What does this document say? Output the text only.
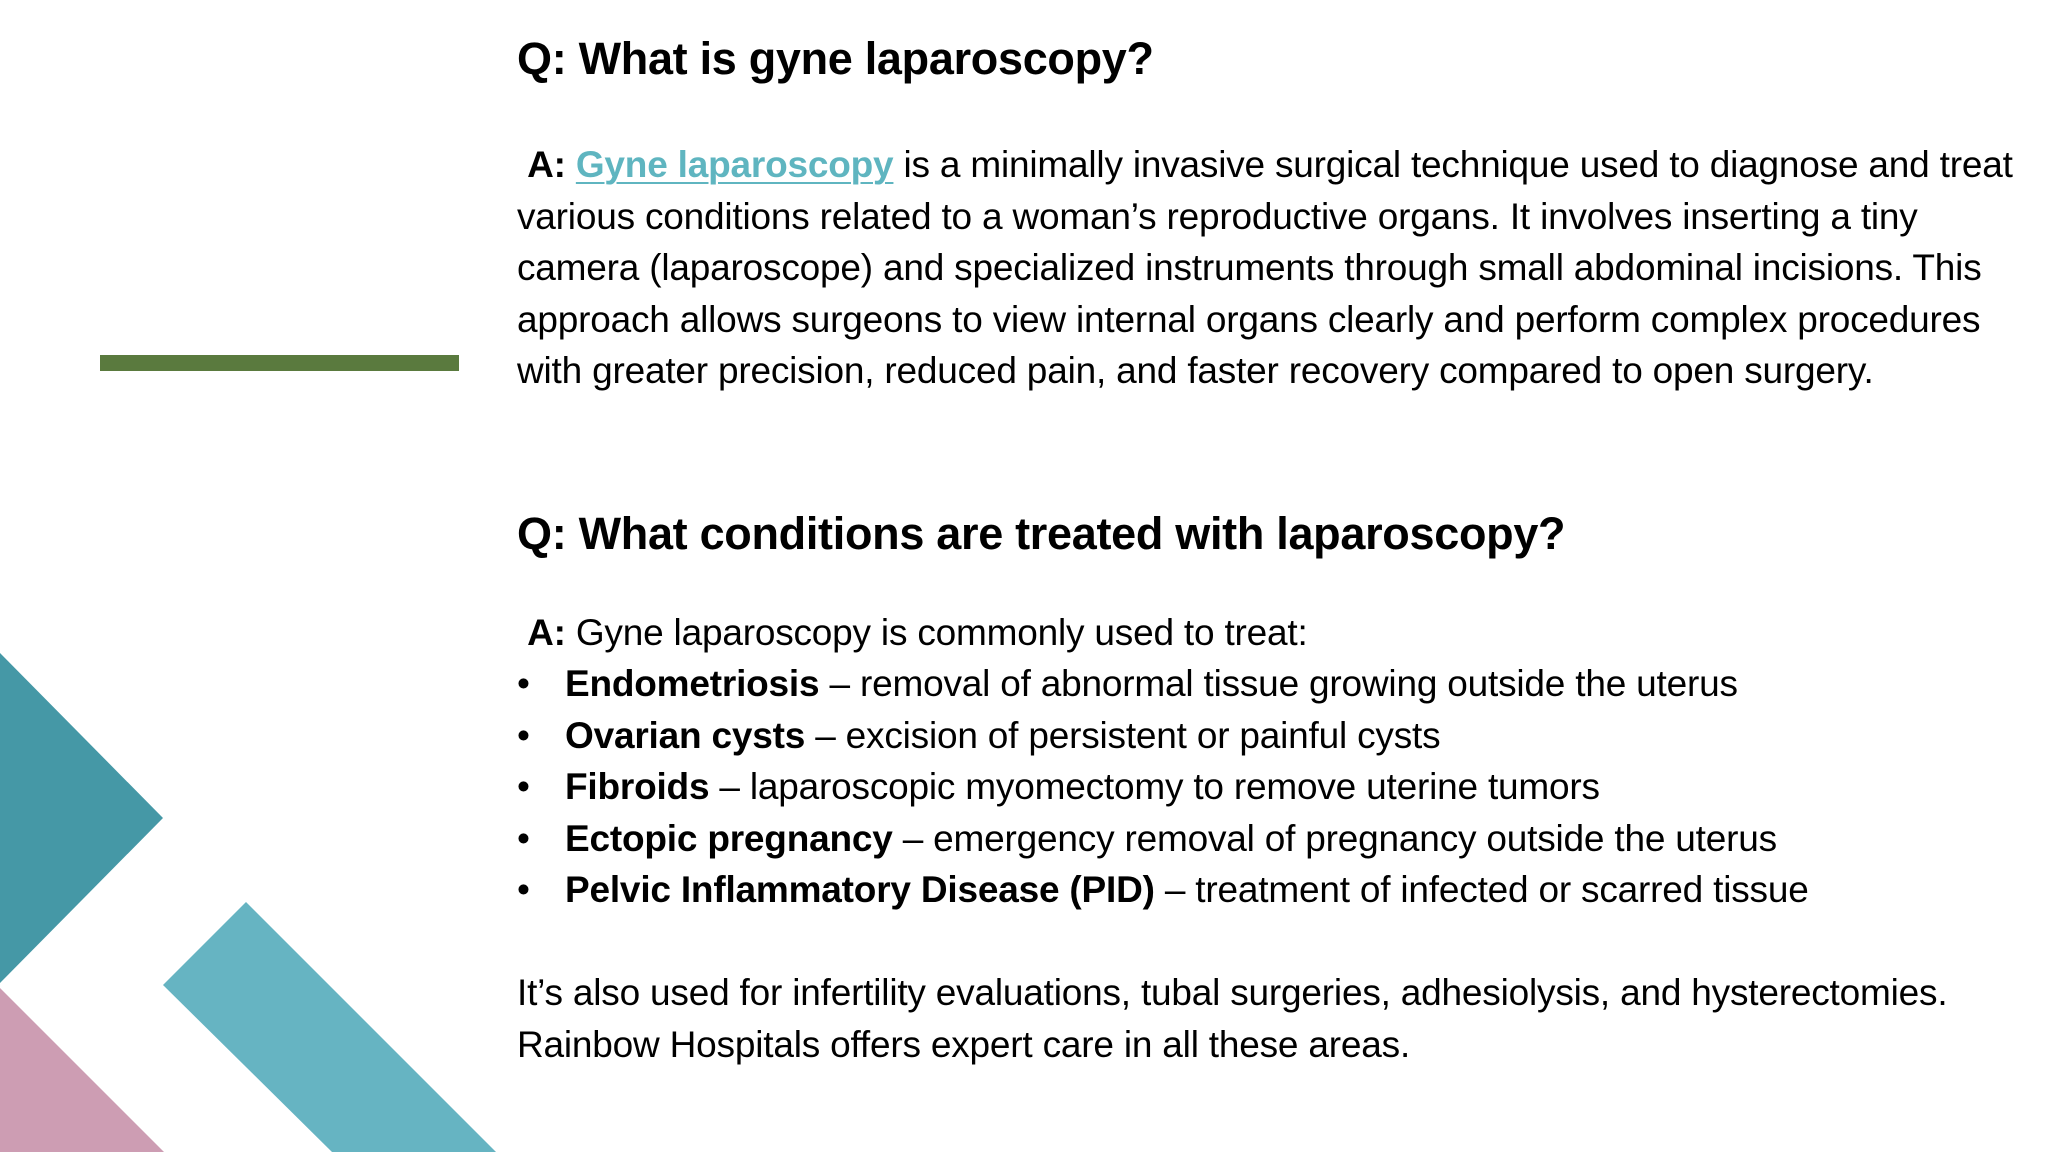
Q: What is gyne laparoscopy?

A: Gyne laparoscopy is a minimally invasive surgical technique used to diagnose and treat various conditions related to a woman’s reproductive organs. It involves inserting a tiny camera (laparoscope) and specialized instruments through small abdominal incisions. This approach allows surgeons to view internal organs clearly and perform complex procedures with greater precision, reduced pain, and faster recovery compared to open surgery.

Q: What conditions are treated with laparoscopy?

A: Gyne laparoscopy is commonly used to treat:

• Endometriosis – removal of abnormal tissue growing outside the uterus
• Ovarian cysts – excision of persistent or painful cysts
• Fibroids – laparoscopic myomectomy to remove uterine tumors
• Ectopic pregnancy – emergency removal of pregnancy outside the uterus
• Pelvic Inflammatory Disease (PID) – treatment of infected or scarred tissue

It’s also used for infertility evaluations, tubal surgeries, adhesiolysis, and hysterectomies. Rainbow Hospitals offers expert care in all these areas.
